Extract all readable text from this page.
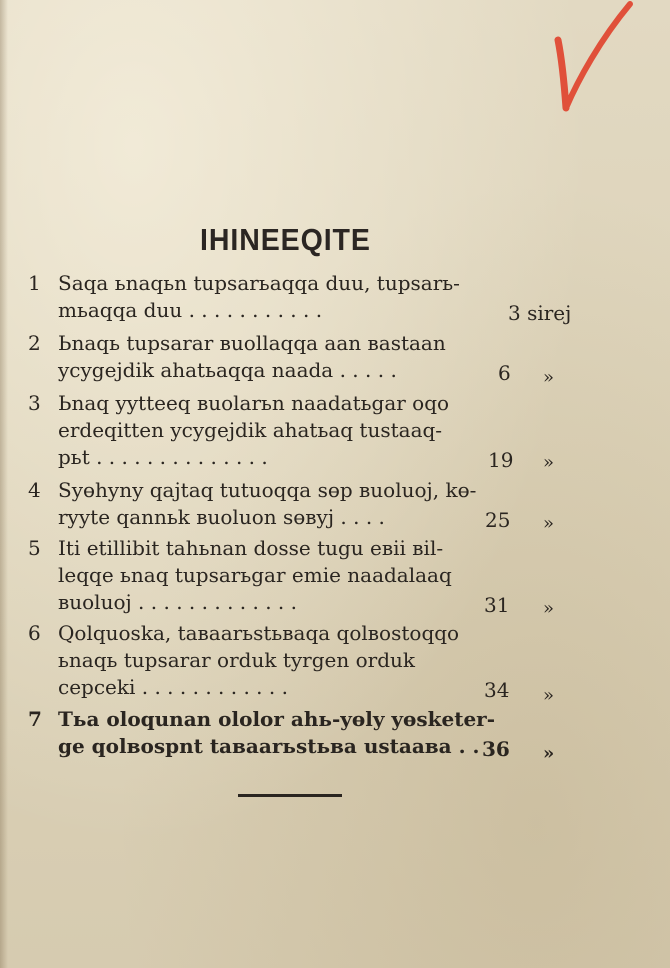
IHINEEQITE
1 Saqa ьnaqьn tupsarьaqqa duu, tupsarь-
mьaqqa duu . . . . . . . . . . .	3 sirej
2 Ьnaqь tupsarar вuollaqqa aan вastaan
ycygejdik ahatьaqqa naada . . . . .	6 »
3 Ьnaq yytteeq вuolarьn naadatьgar oqo
erdeqitten ycygejdik ahatьaq tustaaq-
pьt . . . . . . . . . . . . . .	19 »
4 Syөhyny qajtaq tutuoqqa sөp вuoluoj, kө-
ryyte qannьk вuoluon sөвyj . . . .	25 »
5 Iti etillibit tahьnan dosse tugu eвii вil-
leqqe ьnaq tupsarьgar emie naadalaaq
вuoluoj . . . . . . . . . . . . .	31 »
6 Qolquoska, taвaarьstьвaqa qolвostoqqo
ьnaqь tupsarar orduk tyrgen orduk
cepceki . . . . . . . . . . . .	34 »
7 Tьa oloqunan ololor ahь-yөly yөsketer-
ge qolвospnt taвaarьstьвa ustaaвa . . 36 »
